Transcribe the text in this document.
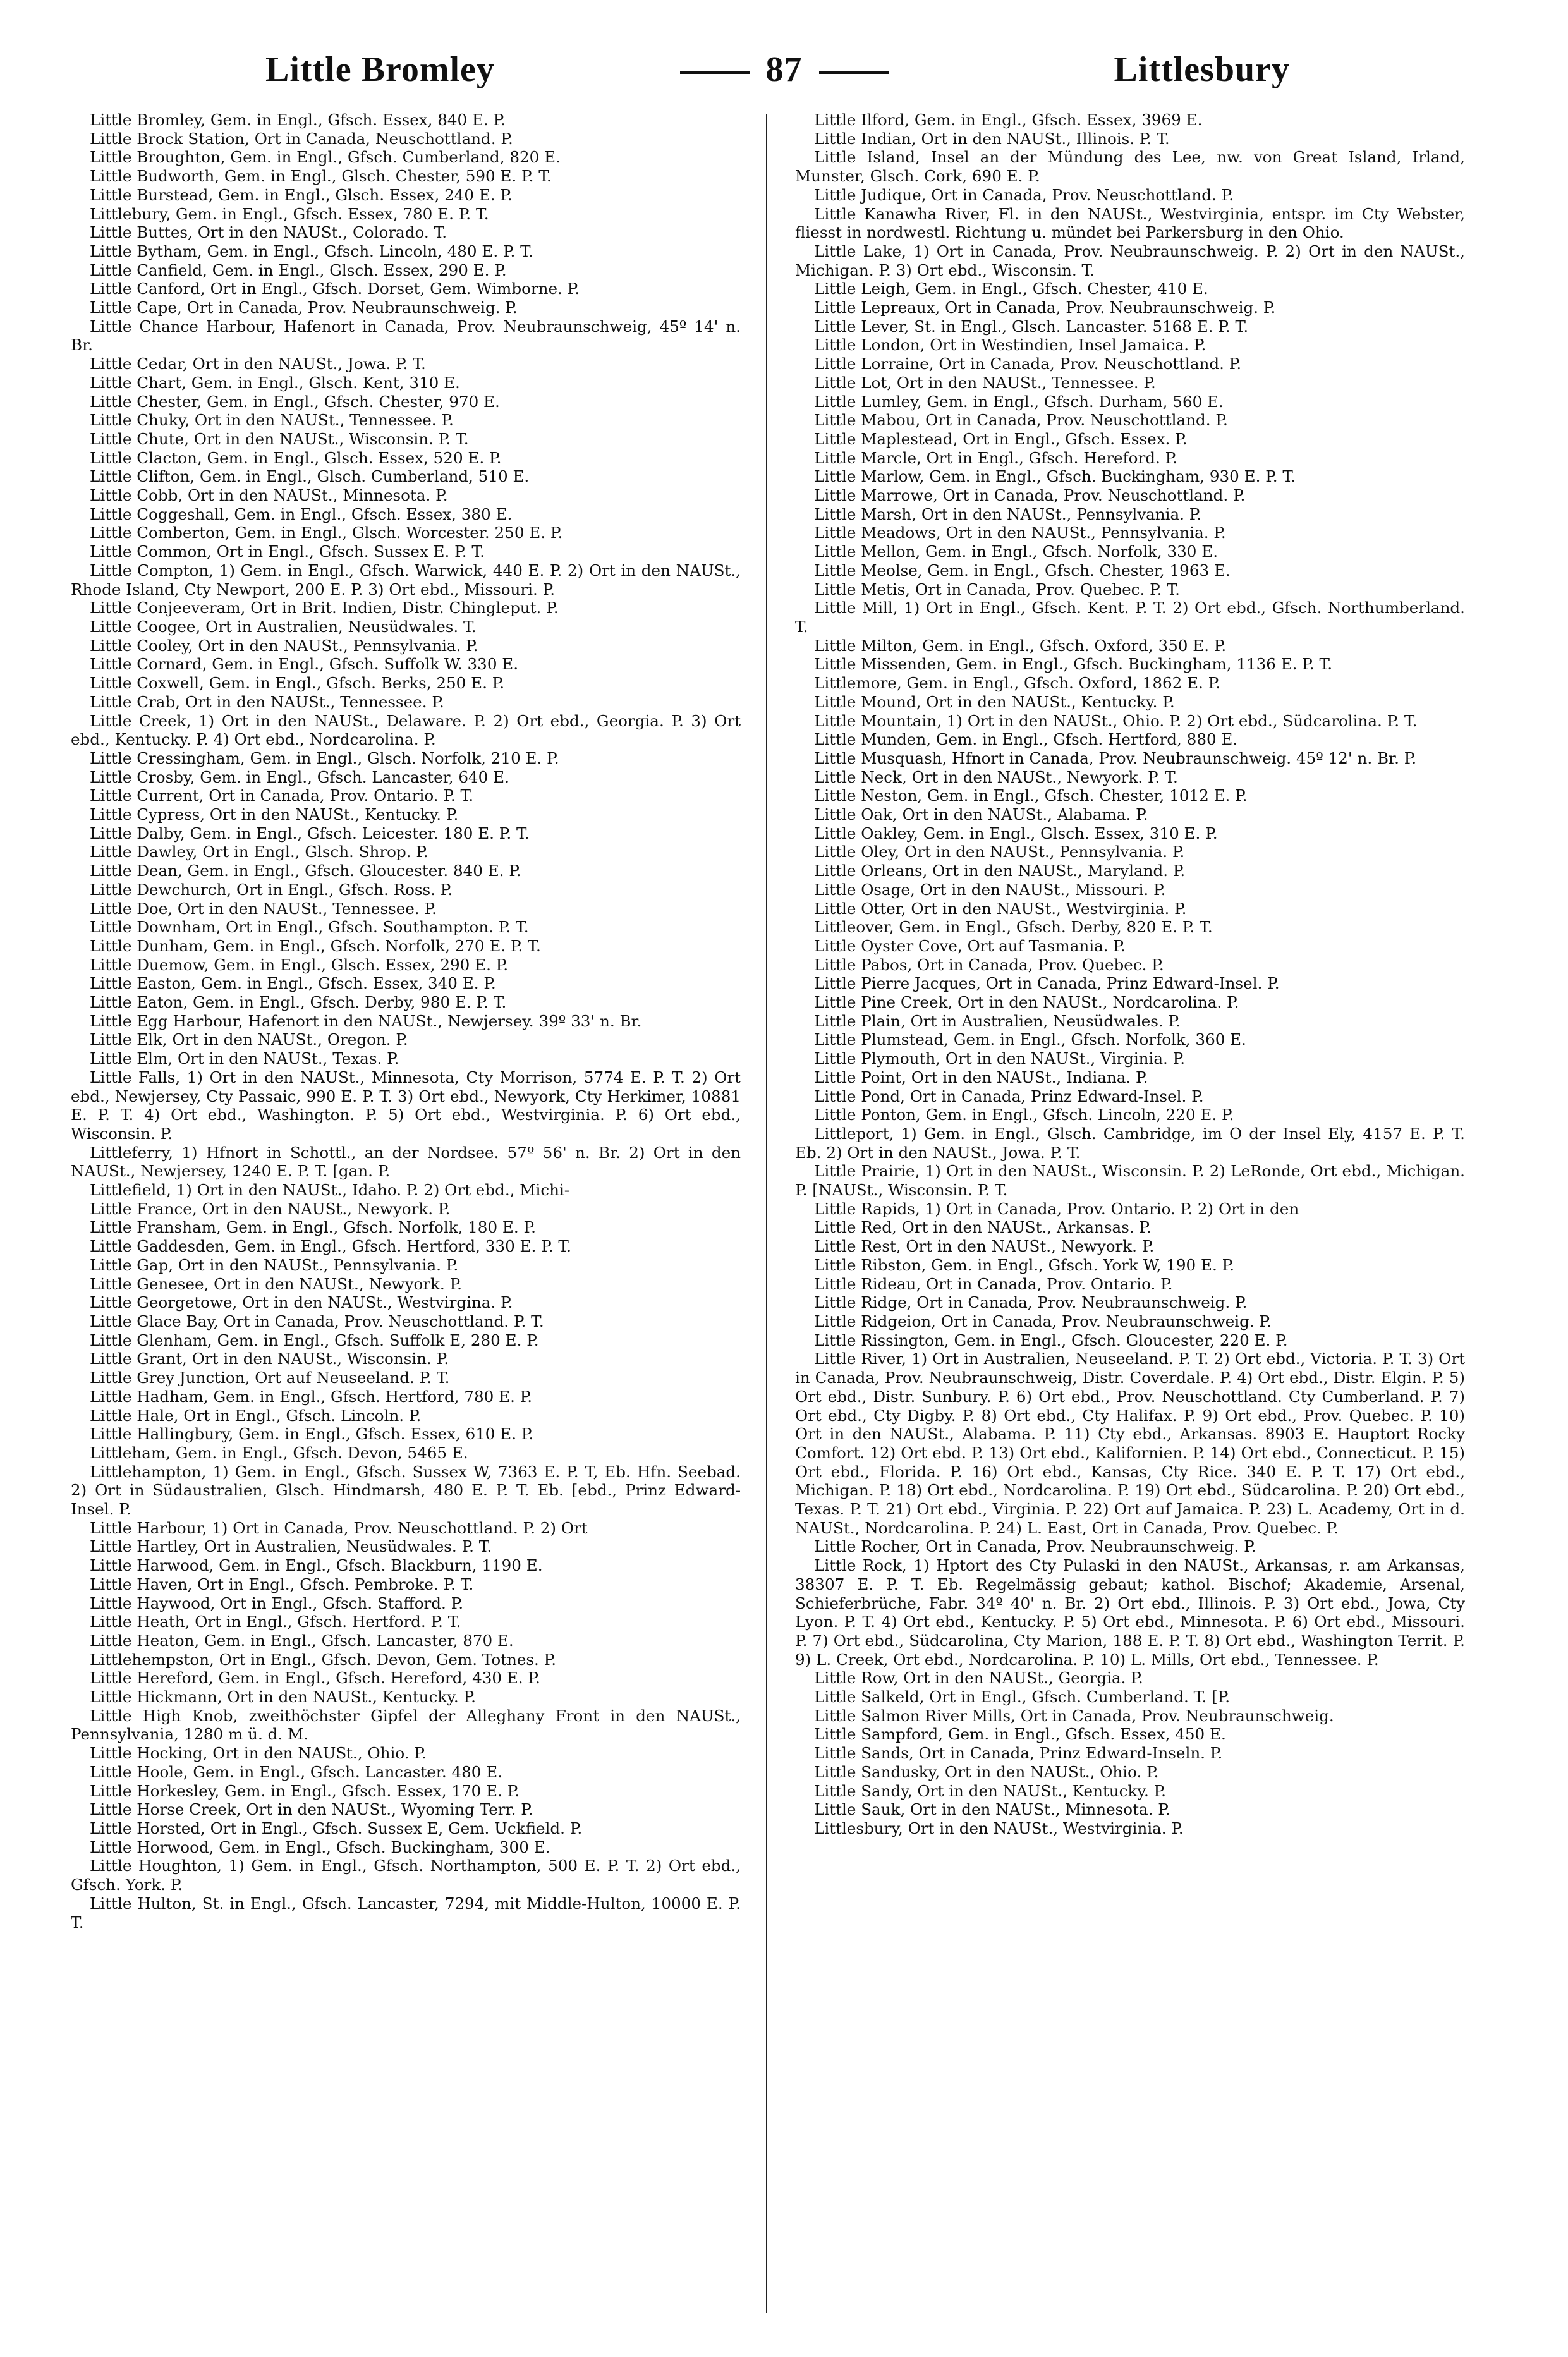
Little Bromley	87	Littlesbury

Little Bromley, Gem. in Engl., Gfsch. Essex, 840 E. P.

Little Brock Station, Ort in Canada, Neuschottland. P.

Little Broughton, Gem. in Engl., Gfsch. Cumberland, 820 E.

Little Budworth, Gem. in Engl., Glsch. Chester, 590 E. P. T.

Little Burstead, Gem. in Engl., Glsch. Essex, 240 E. P.

Littlebury, Gem. in Engl., Gfsch. Essex, 780 E. P. T.

Little Buttes, Ort in den NAUSt., Colorado. T.

Little Bytham, Gem. in Engl., Gfsch. Lincoln, 480 E. P. T.

Little Canfield, Gem. in Engl., Glsch. Essex, 290 E. P.

Little Canford, Ort in Engl., Gfsch. Dorset, Gem. Wimborne. P.

Little Cape, Ort in Canada, Prov. Neubraunschweig. P.

Little Chance Harbour, Hafenort in Canada, Prov. Neubraunschweig, 45º 14' n. Br.

Little Cedar, Ort in den NAUSt., Jowa. P. T.

Little Chart, Gem. in Engl., Glsch. Kent, 310 E.

Little Chester, Gem. in Engl., Gfsch. Chester, 970 E.

Little Chuky, Ort in den NAUSt., Tennessee. P.

Little Chute, Ort in den NAUSt., Wisconsin. P. T.

Little Clacton, Gem. in Engl., Glsch. Essex, 520 E. P.

Little Clifton, Gem. in Engl., Glsch. Cumberland, 510 E.

Little Cobb, Ort in den NAUSt., Minnesota. P.

Little Coggeshall, Gem. in Engl., Gfsch. Essex, 380 E.

Little Comberton, Gem. in Engl., Glsch. Worcester. 250 E. P.

Little Common, Ort in Engl., Gfsch. Sussex E. P. T.

Little Compton, 1) Gem. in Engl., Gfsch. Warwick, 440 E. P. 2) Ort in den NAUSt., Rhode Island, Cty Newport, 200 E. P. 3) Ort ebd., Missouri. P.

Little Conjeeveram, Ort in Brit. Indien, Distr. Chingleput. P.

Little Coogee, Ort in Australien, Neusüdwales. T.

Little Cooley, Ort in den NAUSt., Pennsylvania. P.

Little Cornard, Gem. in Engl., Gfsch. Suffolk W. 330 E.

Little Coxwell, Gem. in Engl., Gfsch. Berks, 250 E. P.

Little Crab, Ort in den NAUSt., Tennessee. P.

Little Creek, 1) Ort in den NAUSt., Delaware. P. 2) Ort ebd., Georgia. P. 3) Ort ebd., Kentucky. P. 4) Ort ebd., Nordcarolina. P.

Little Cressingham, Gem. in Engl., Glsch. Norfolk, 210 E. P.

Little Crosby, Gem. in Engl., Gfsch. Lancaster, 640 E.

Little Current, Ort in Canada, Prov. Ontario. P. T.

Little Cypress, Ort in den NAUSt., Kentucky. P.

Little Dalby, Gem. in Engl., Gfsch. Leicester. 180 E. P. T.

Little Dawley, Ort in Engl., Glsch. Shrop. P.

Little Dean, Gem. in Engl., Gfsch. Gloucester. 840 E. P.

Little Dewchurch, Ort in Engl., Gfsch. Ross. P.

Little Doe, Ort in den NAUSt., Tennessee. P.

Little Downham, Ort in Engl., Gfsch. Southampton. P. T.

Little Dunham, Gem. in Engl., Gfsch. Norfolk, 270 E. P. T.

Little Duemow, Gem. in Engl., Glsch. Essex, 290 E. P.

Little Easton, Gem. in Engl., Gfsch. Essex, 340 E. P.

Little Eaton, Gem. in Engl., Gfsch. Derby, 980 E. P. T.

Little Egg Harbour, Hafenort in den NAUSt., Newjersey. 39º 33' n. Br.

Little Elk, Ort in den NAUSt., Oregon. P.

Little Elm, Ort in den NAUSt., Texas. P.

Little Falls, 1) Ort in den NAUSt., Minnesota, Cty Morrison, 5774 E. P. T. 2) Ort ebd., Newjersey, Cty Passaic, 990 E. P. T. 3) Ort ebd., Newyork, Cty Herkimer, 10881 E. P. T. 4) Ort ebd., Washington. P. 5) Ort ebd., Westvirginia. P. 6) Ort ebd., Wisconsin. P.

Littleferry, 1) Hfnort in Schottl., an der Nordsee. 57º 56' n. Br. 2) Ort in den NAUSt., Newjersey, 1240 E. P. T. [gan. P.

Littlefield, 1) Ort in den NAUSt., Idaho. P. 2) Ort ebd., Michi-

Little France, Ort in den NAUSt., Newyork. P.

Little Fransham, Gem. in Engl., Gfsch. Norfolk, 180 E. P.

Little Gaddesden, Gem. in Engl., Gfsch. Hertford, 330 E. P. T.

Little Gap, Ort in den NAUSt., Pennsylvania. P.

Little Genesee, Ort in den NAUSt., Newyork. P.

Little Georgetowe, Ort in den NAUSt., Westvirgina. P.

Little Glace Bay, Ort in Canada, Prov. Neuschottland. P. T.

Little Glenham, Gem. in Engl., Gfsch. Suffolk E, 280 E. P.

Little Grant, Ort in den NAUSt., Wisconsin. P.

Little Grey Junction, Ort auf Neuseeland. P. T.

Little Hadham, Gem. in Engl., Gfsch. Hertford, 780 E. P.

Little Hale, Ort in Engl., Gfsch. Lincoln. P.

Little Hallingbury, Gem. in Engl., Gfsch. Essex, 610 E. P.

Littleham, Gem. in Engl., Gfsch. Devon, 5465 E.

Littlehampton, 1) Gem. in Engl., Gfsch. Sussex W, 7363 E. P. T, Eb. Hfn. Seebad. 2) Ort in Südaustralien, Glsch. Hindmarsh, 480 E. P. T. Eb. [ebd., Prinz Edward-Insel. P.

Little Harbour, 1) Ort in Canada, Prov. Neuschottland. P. 2) Ort

Little Hartley, Ort in Australien, Neusüdwales. P. T.

Little Harwood, Gem. in Engl., Gfsch. Blackburn, 1190 E.

Little Haven, Ort in Engl., Gfsch. Pembroke. P. T.

Little Haywood, Ort in Engl., Gfsch. Stafford. P.

Little Heath, Ort in Engl., Gfsch. Hertford. P. T.

Little Heaton, Gem. in Engl., Gfsch. Lancaster, 870 E.

Littlehempston, Ort in Engl., Gfsch. Devon, Gem. Totnes. P.

Little Hereford, Gem. in Engl., Gfsch. Hereford, 430 E. P.

Little Hickmann, Ort in den NAUSt., Kentucky. P.

Little High Knob, zweithöchster Gipfel der Alleghany Front in den NAUSt., Pennsylvania, 1280 m ü. d. M.

Little Hocking, Ort in den NAUSt., Ohio. P.

Little Hoole, Gem. in Engl., Gfsch. Lancaster. 480 E.

Little Horkesley, Gem. in Engl., Gfsch. Essex, 170 E. P.

Little Horse Creek, Ort in den NAUSt., Wyoming Terr. P.

Little Horsted, Ort in Engl., Gfsch. Sussex E, Gem. Uckfield. P.

Little Horwood, Gem. in Engl., Gfsch. Buckingham, 300 E.

Little Houghton, 1) Gem. in Engl., Gfsch. Northampton, 500 E. P. T. 2) Ort ebd., Gfsch. York. P.

Little Hulton, St. in Engl., Gfsch. Lancaster, 7294, mit Middle-Hulton, 10000 E. P. T.

Little Ilford, Gem. in Engl., Gfsch. Essex, 3969 E.

Little Indian, Ort in den NAUSt., Illinois. P. T.

Little Island, Insel an der Mündung des Lee, nw. von Great Island, Irland, Munster, Glsch. Cork, 690 E. P.

Little Judique, Ort in Canada, Prov. Neuschottland. P.

Little Kanawha River, Fl. in den NAUSt., Westvirginia, entspr. im Cty Webster, fliesst in nordwestl. Richtung u. mündet bei Parkersburg in den Ohio.

Little Lake, 1) Ort in Canada, Prov. Neubraunschweig. P. 2) Ort in den NAUSt., Michigan. P. 3) Ort ebd., Wisconsin. T.

Little Leigh, Gem. in Engl., Gfsch. Chester, 410 E.

Little Lepreaux, Ort in Canada, Prov. Neubraunschweig. P.

Little Lever, St. in Engl., Glsch. Lancaster. 5168 E. P. T.

Little London, Ort in Westindien, Insel Jamaica. P.

Little Lorraine, Ort in Canada, Prov. Neuschottland. P.

Little Lot, Ort in den NAUSt., Tennessee. P.

Little Lumley, Gem. in Engl., Gfsch. Durham, 560 E.

Little Mabou, Ort in Canada, Prov. Neuschottland. P.

Little Maplestead, Ort in Engl., Gfsch. Essex. P.

Little Marcle, Ort in Engl., Gfsch. Hereford. P.

Little Marlow, Gem. in Engl., Gfsch. Buckingham, 930 E. P. T.

Little Marrowe, Ort in Canada, Prov. Neuschottland. P.

Little Marsh, Ort in den NAUSt., Pennsylvania. P.

Little Meadows, Ort in den NAUSt., Pennsylvania. P.

Little Mellon, Gem. in Engl., Gfsch. Norfolk, 330 E.

Little Meolse, Gem. in Engl., Gfsch. Chester, 1963 E.

Little Metis, Ort in Canada, Prov. Quebec. P. T.

Little Mill, 1) Ort in Engl., Gfsch. Kent. P. T. 2) Ort ebd., Gfsch. Northumberland. T.

Little Milton, Gem. in Engl., Gfsch. Oxford, 350 E. P.

Little Missenden, Gem. in Engl., Gfsch. Buckingham, 1136 E. P. T.

Littlemore, Gem. in Engl., Gfsch. Oxford, 1862 E. P.

Little Mound, Ort in den NAUSt., Kentucky. P.

Little Mountain, 1) Ort in den NAUSt., Ohio. P. 2) Ort ebd., Südcarolina. P. T.

Little Munden, Gem. in Engl., Gfsch. Hertford, 880 E.

Little Musquash, Hfnort in Canada, Prov. Neubraunschweig. 45º 12' n. Br. P.

Little Neck, Ort in den NAUSt., Newyork. P. T.

Little Neston, Gem. in Engl., Gfsch. Chester, 1012 E. P.

Little Oak, Ort in den NAUSt., Alabama. P.

Little Oakley, Gem. in Engl., Glsch. Essex, 310 E. P.

Little Oley, Ort in den NAUSt., Pennsylvania. P.

Little Orleans, Ort in den NAUSt., Maryland. P.

Little Osage, Ort in den NAUSt., Missouri. P.

Little Otter, Ort in den NAUSt., Westvirginia. P.

Littleover, Gem. in Engl., Gfsch. Derby, 820 E. P. T.

Little Oyster Cove, Ort auf Tasmania. P.

Little Pabos, Ort in Canada, Prov. Quebec. P.

Little Pierre Jacques, Ort in Canada, Prinz Edward-Insel. P.

Little Pine Creek, Ort in den NAUSt., Nordcarolina. P.

Little Plain, Ort in Australien, Neusüdwales. P.

Little Plumstead, Gem. in Engl., Gfsch. Norfolk, 360 E.

Little Plymouth, Ort in den NAUSt., Virginia. P.

Little Point, Ort in den NAUSt., Indiana. P.

Little Pond, Ort in Canada, Prinz Edward-Insel. P.

Little Ponton, Gem. in Engl., Gfsch. Lincoln, 220 E. P.

Littleport, 1) Gem. in Engl., Glsch. Cambridge, im O der Insel Ely, 4157 E. P. T. Eb. 2) Ort in den NAUSt., Jowa. P. T.

Little Prairie, 1) Ort in den NAUSt., Wisconsin. P. 2) LeRonde, Ort ebd., Michigan. P. [NAUSt., Wisconsin. P. T.

Little Rapids, 1) Ort in Canada, Prov. Ontario. P. 2) Ort in den

Little Red, Ort in den NAUSt., Arkansas. P.

Little Rest, Ort in den NAUSt., Newyork. P.

Little Ribston, Gem. in Engl., Gfsch. York W, 190 E. P.

Little Rideau, Ort in Canada, Prov. Ontario. P.

Little Ridge, Ort in Canada, Prov. Neubraunschweig. P.

Little Ridgeion, Ort in Canada, Prov. Neubraunschweig. P.

Little Rissington, Gem. in Engl., Gfsch. Gloucester, 220 E. P.

Little River, 1) Ort in Australien, Neuseeland. P. T. 2) Ort ebd., Victoria. P. T. 3) Ort in Canada, Prov. Neubraunschweig, Distr. Coverdale. P. 4) Ort ebd., Distr. Elgin. P. 5) Ort ebd., Distr. Sunbury. P. 6) Ort ebd., Prov. Neuschottland. Cty Cumberland. P. 7) Ort ebd., Cty Digby. P. 8) Ort ebd., Cty Halifax. P. 9) Ort ebd., Prov. Quebec. P. 10) Ort in den NAUSt., Alabama. P. 11) Cty ebd., Arkansas. 8903 E. Hauptort Rocky Comfort. 12) Ort ebd. P. 13) Ort ebd., Kalifornien. P. 14) Ort ebd., Connecticut. P. 15) Ort ebd., Florida. P. 16) Ort ebd., Kansas, Cty Rice. 340 E. P. T. 17) Ort ebd., Michigan. P. 18) Ort ebd., Nordcarolina. P. 19) Ort ebd., Südcarolina. P. 20) Ort ebd., Texas. P. T. 21) Ort ebd., Virginia. P. 22) Ort auf Jamaica. P. 23) L. Academy, Ort in d. NAUSt., Nordcarolina. P. 24) L. East, Ort in Canada, Prov. Quebec. P.

Little Rocher, Ort in Canada, Prov. Neubraunschweig. P.

Little Rock, 1) Hptort des Cty Pulaski in den NAUSt., Arkansas, r. am Arkansas, 38307 E. P. T. Eb. Regelmässig gebaut; kathol. Bischof; Akademie, Arsenal, Schieferbrüche, Fabr. 34º 40' n. Br. 2) Ort ebd., Illinois. P. 3) Ort ebd., Jowa, Cty Lyon. P. T. 4) Ort ebd., Kentucky. P. 5) Ort ebd., Minnesota. P. 6) Ort ebd., Missouri. P. 7) Ort ebd., Südcarolina, Cty Marion, 188 E. P. T. 8) Ort ebd., Washington Territ. P. 9) L. Creek, Ort ebd., Nordcarolina. P. 10) L. Mills, Ort ebd., Tennessee. P.

Little Row, Ort in den NAUSt., Georgia. P.

Little Salkeld, Ort in Engl., Gfsch. Cumberland. T. [P.

Little Salmon River Mills, Ort in Canada, Prov. Neubraunschweig.

Little Sampford, Gem. in Engl., Gfsch. Essex, 450 E.

Little Sands, Ort in Canada, Prinz Edward-Inseln. P.

Little Sandusky, Ort in den NAUSt., Ohio. P.

Little Sandy, Ort in den NAUSt., Kentucky. P.

Little Sauk, Ort in den NAUSt., Minnesota. P.

Littlesbury, Ort in den NAUSt., Westvirginia. P.
